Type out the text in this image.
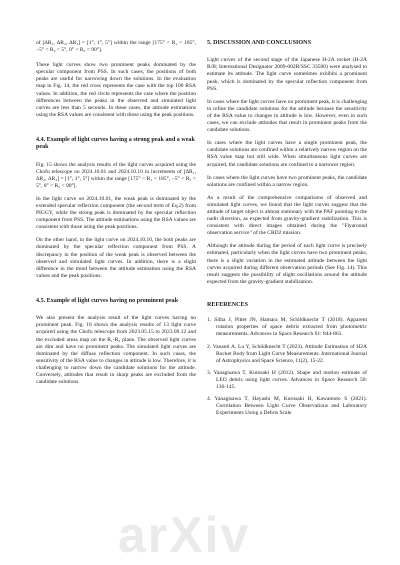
of [ΔR₁, ΔR₂, ΔR₃] = [1°, 1°, 5°] within the range [175° < R₁ < 185°, −5° < R₂ < 5°, 0° < R₃ < 90°].

These light curves show two prominent peaks dominated by the specular component from PSS. In such cases, the positions of both peaks are useful for narrowing down the solutions. In the evaluation map in Fig. 14, the red cross represents the case with the top 100 RSA values. In addition, the red circle represents the case where the position differences between the peaks in the observed and simulated light curves are less than 5 seconds. In these cases, the attitude estimations using the RSA values are consistent with those using the peak positions.

4.4. Example of light curves having a strong peak and a weak peak

Fig. 15 shows the analysis results of the light curves acquired using the Chofu telescope on 2024.10.01 and 2024.10.10 in increments of [ΔR₁, ΔR₂, ΔR₃] = [1°, 1°, 5°] within the range [175° < R₁ < 185°, −5° < R₂ < 5°, 0° < R₃ < 90°].

In the light curve on 2024.10.01, the weak peak is dominated by the extended specular reflection component (the second term of Eq.2) from PIGGY, while the strong peak is dominated by the specular reflection component from PSS. The attitude estimations using the RSA values are consistent with those using the peak positions.

On the other hand, in the light curve on 2024.10.10, the both peaks are dominated by the specular reflection component from PSS. A discrepancy in the position of the weak peak is observed between the observed and simulated light curves. In addition, there is a slight difference in the trend between the attitude estimation using the RSA values and the peak positions.

4.5. Example of light curves having no prominent peak

We also present the analysis result of the light curves having no prominent peak. Fig. 16 shows the analysis results of 13 light curve acquired using the Chofu telescope from 2023.05.15 to 2023.09.12 and the excluded areas map on the R₁-R₂ plane. The observed light curves are dim and have no prominent peaks. The simulated light curves are dominated by the diffuse reflection component. In such cases, the sensitivity of the RSA value to changes in attitude is low. Therefore, it is challenging to narrow down the candidate solutions for the attitude. Conversely, attitudes that result in sharp peaks are excluded from the candidate solutions.

5. DISCUSSION AND CONCLUSIONS

Light curves of the second stage of the Japanese H-2A rocket (H-2A R/B; International Designator 2009-002B/SSC 33500) were analysed to estimate its attitude. The light curve sometimes exhibits a prominent peak, which is dominated by the specular reflection component from PSS.

In cases where the light curves have no prominent peak, it is challenging to refine the candidate solutions for the attitude because the sensitivity of the RSA value to changes in attitude is low. However, even in such cases, we can exclude attitudes that result in prominent peaks from the candidate solutions.

In cases where the light curves have a single prominent peak, the candidate solutions are confined within a relatively narrow region on the RSA value map but still wide. When simultaneous light curves are acquired, the candidate solutions are confined to a narrower region.

In cases where the light curves have two prominent peaks, the candidate solutions are confined within a narrow region.

As a result of the comprehensive comparisons of observed and simulated light curves, we found that the light curves suggest that the attitude of target object is almost stationary with the PAF pointing in the nadir direction, as expected from gravity-gradient stabilization. This is consistent with direct images obtained during the "Flyaround observation service" of the CRD2 mission.

Although the attitude during the period of each light curve is precisely estimated, particularly when the light curves have two prominent peaks, there is a slight variation in the estimated attitude between the light curves acquired during different observation periods (See Fig. 14). This result suggests the possibility of slight oscillations around the attitude expected from the gravity-gradient stabilization.

REFERENCES

1. Silha J, Pittet JN, Hamara M, Schildknecht T (2018). Apparent rotation properties of space debris extracted from photometric measurements. Advances in Space Research 61: 844-861.

2. Vananti A, Lu Y, Schildknecht T (2023). Attitude Estimation of H2A Rocket Body from Light Curve Measurements. International Journal of Astrophysics and Space Science, 11(2), 15-22.

3. Yanagisawa T, Kurosaki H (2012). Shape and motion estimate of LEO debris using light curves. Advances in Space Research 50: 136-145.

4. Yanagisawa T, Hayashi M, Kurosaki H, Kawamoto S (2021). Correlation Between Light Curve Observations and Laboratory Experiments Using a Debris Scale

arXiv
